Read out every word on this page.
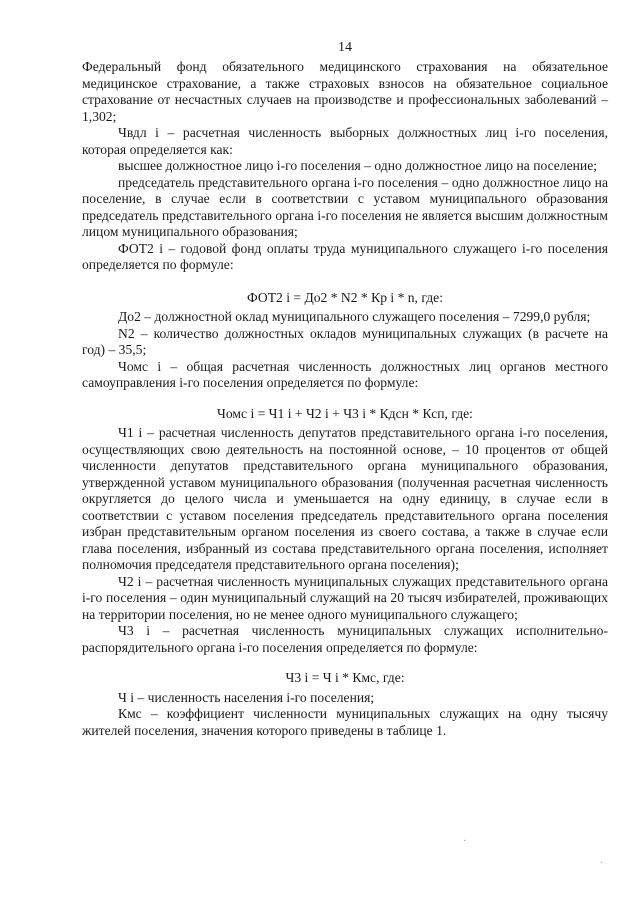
14

Федеральный фонд обязательного медицинского страхования на обязательное медицинское страхование, а также страховых взносов на обязательное социальное страхование от несчастных случаев на производстве и профессиональных заболеваний – 1,302;

Чвдл i – расчетная численность выборных должностных лиц i-го поселения, которая определяется как:

высшее должностное лицо i-го поселения – одно должностное лицо на поселение;

председатель представительного органа i-го поселения – одно должностное лицо на поселение, в случае если в соответствии с уставом муниципального образования председатель представительного органа i-го поселения не является высшим должностным лицом муниципального образования;

ФОТ2 i – годовой фонд оплаты труда муниципального служащего i-го поселения определяется по формуле:

ФОТ2 i = До2 * N2 * Кр i * n, где:

До2 – должностной оклад муниципального служащего поселения – 7299,0 рубля;

N2 – количество должностных окладов муниципальных служащих (в расчете на год) – 35,5;

Чомс i – общая расчетная численность должностных лиц органов местного самоуправления i-го поселения определяется по формуле:

Чомс i = Ч1 i + Ч2 i + Ч3 i * Кдсн * Ксп, где:

Ч1 i – расчетная численность депутатов представительного органа i-го поселения, осуществляющих свою деятельность на постоянной основе, – 10 процентов от общей численности депутатов представительного органа муниципального образования, утвержденной уставом муниципального образования (полученная расчетная численность округляется до целого числа и уменьшается на одну единицу, в случае если в соответствии с уставом поселения председатель представительного органа поселения избран представительным органом поселения из своего состава, а также в случае если глава поселения, избранный из состава представительного органа поселения, исполняет полномочия председателя представительного органа поселения);

Ч2 i – расчетная численность муниципальных служащих представительного органа i-го поселения – один муниципальный служащий на 20 тысяч избирателей, проживающих на территории поселения, но не менее одного муниципального служащего;

Ч3 i – расчетная численность муниципальных служащих исполнительно-распорядительного органа i-го поселения определяется по формуле:

Ч3 i = Ч i * Кмс, где:

Ч i – численность населения i-го поселения;

Кмс – коэффициент численности муниципальных служащих на одну тысячу жителей поселения, значения которого приведены в таблице 1.

·
·
